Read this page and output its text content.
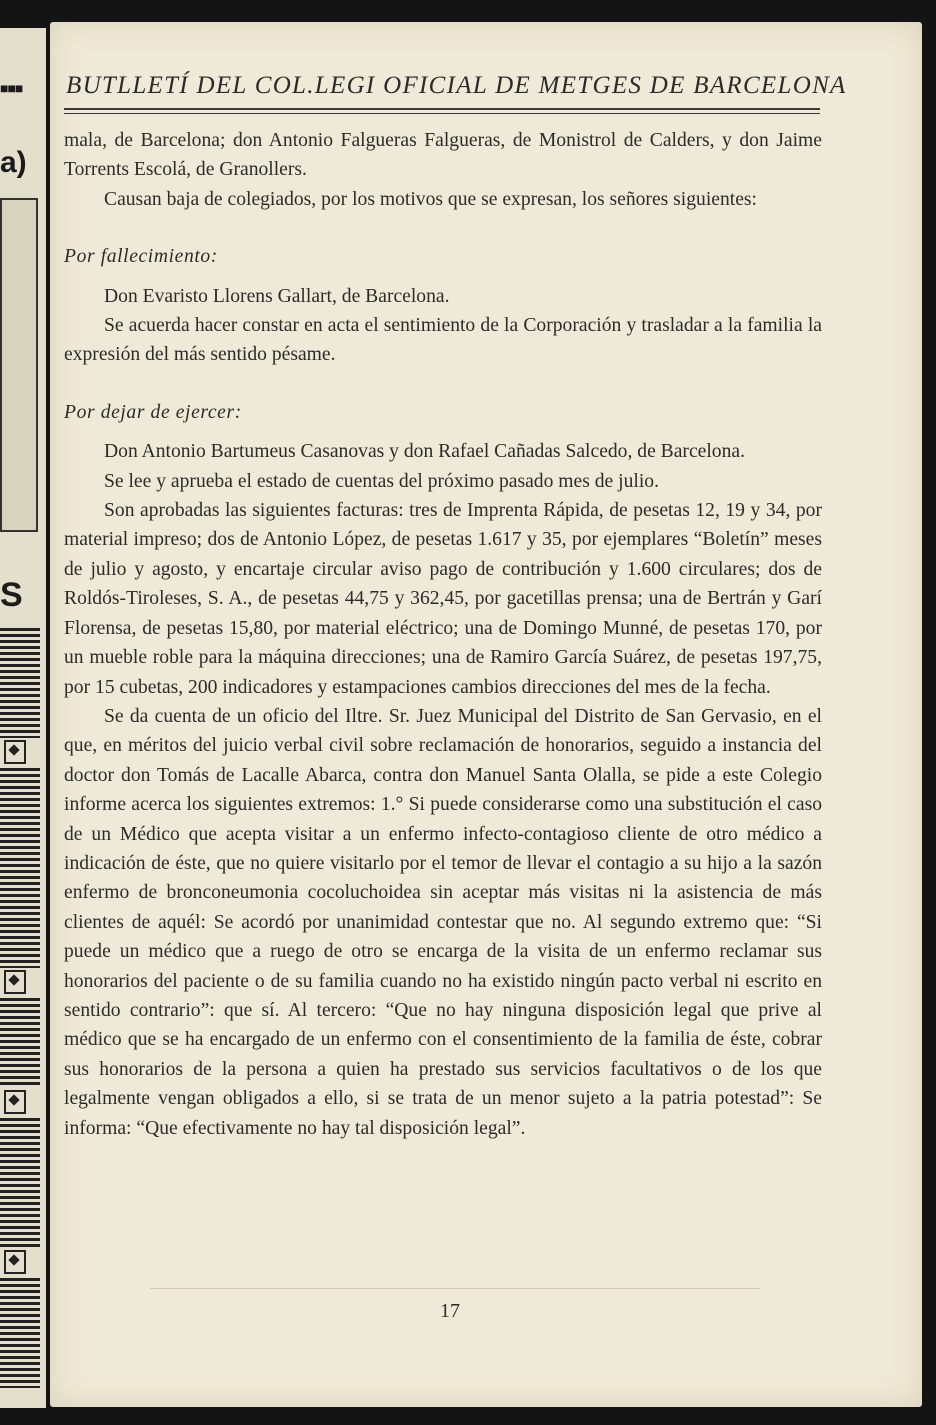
■■■
a)
S
BUTLLETÍ DEL COL.LEGI OFICIAL DE METGES DE BARCELONA

mala, de Barcelona; don Antonio Falgueras Falgueras, de Monistrol de Calders, y don Jaime Torrents Escolá, de Granollers.

Causan baja de colegiados, por los motivos que se expresan, los señores siguientes:

Por fallecimiento:

Don Evaristo Llorens Gallart, de Barcelona.

Se acuerda hacer constar en acta el sentimiento de la Corporación y trasladar a la familia la expresión del más sentido pésame.

Por dejar de ejercer:

Don Antonio Bartumeus Casanovas y don Rafael Cañadas Salcedo, de Barcelona.

Se lee y aprueba el estado de cuentas del próximo pasado mes de julio.

Son aprobadas las siguientes facturas: tres de Imprenta Rápida, de pesetas 12, 19 y 34, por material impreso; dos de Antonio López, de pesetas 1.617 y 35, por ejemplares “Boletín” meses de julio y agosto, y encartaje circular aviso pago de contribución y 1.600 circulares; dos de Roldós-Tiroleses, S. A., de pesetas 44,75 y 362,45, por gacetillas prensa; una de Bertrán y Garí Florensa, de pesetas 15,80, por material eléctrico; una de Domingo Munné, de pesetas 170, por un mueble roble para la máquina direcciones; una de Ramiro García Suárez, de pesetas 197,75, por 15 cubetas, 200 indicadores y estampaciones cambios direcciones del mes de la fecha.

Se da cuenta de un oficio del Iltre. Sr. Juez Municipal del Distrito de San Gervasio, en el que, en méritos del juicio verbal civil sobre reclamación de honorarios, seguido a instancia del doctor don Tomás de Lacalle Abarca, contra don Manuel Santa Olalla, se pide a este Colegio informe acerca los siguientes extremos: 1.° Si puede considerarse como una substitución el caso de un Médico que acepta visitar a un enfermo infecto-contagioso cliente de otro médico a indicación de éste, que no quiere visitarlo por el temor de llevar el contagio a su hijo a la sazón enfermo de bronconeumonia cocoluchoidea sin aceptar más visitas ni la asistencia de más clientes de aquél: Se acordó por unanimidad contestar que no. Al segundo extremo que: “Si puede un médico que a ruego de otro se encarga de la visita de un enfermo reclamar sus honorarios del paciente o de su familia cuando no ha existido ningún pacto verbal ni escrito en sentido contrario”: que sí. Al tercero: “Que no hay ninguna disposición legal que prive al médico que se ha encargado de un enfermo con el consentimiento de la familia de éste, cobrar sus honorarios de la persona a quien ha prestado sus servicios facultativos o de los que legalmente vengan obligados a ello, si se trata de un menor sujeto a la patria potestad”: Se informa: “Que efectivamente no hay tal disposición legal”.

17
